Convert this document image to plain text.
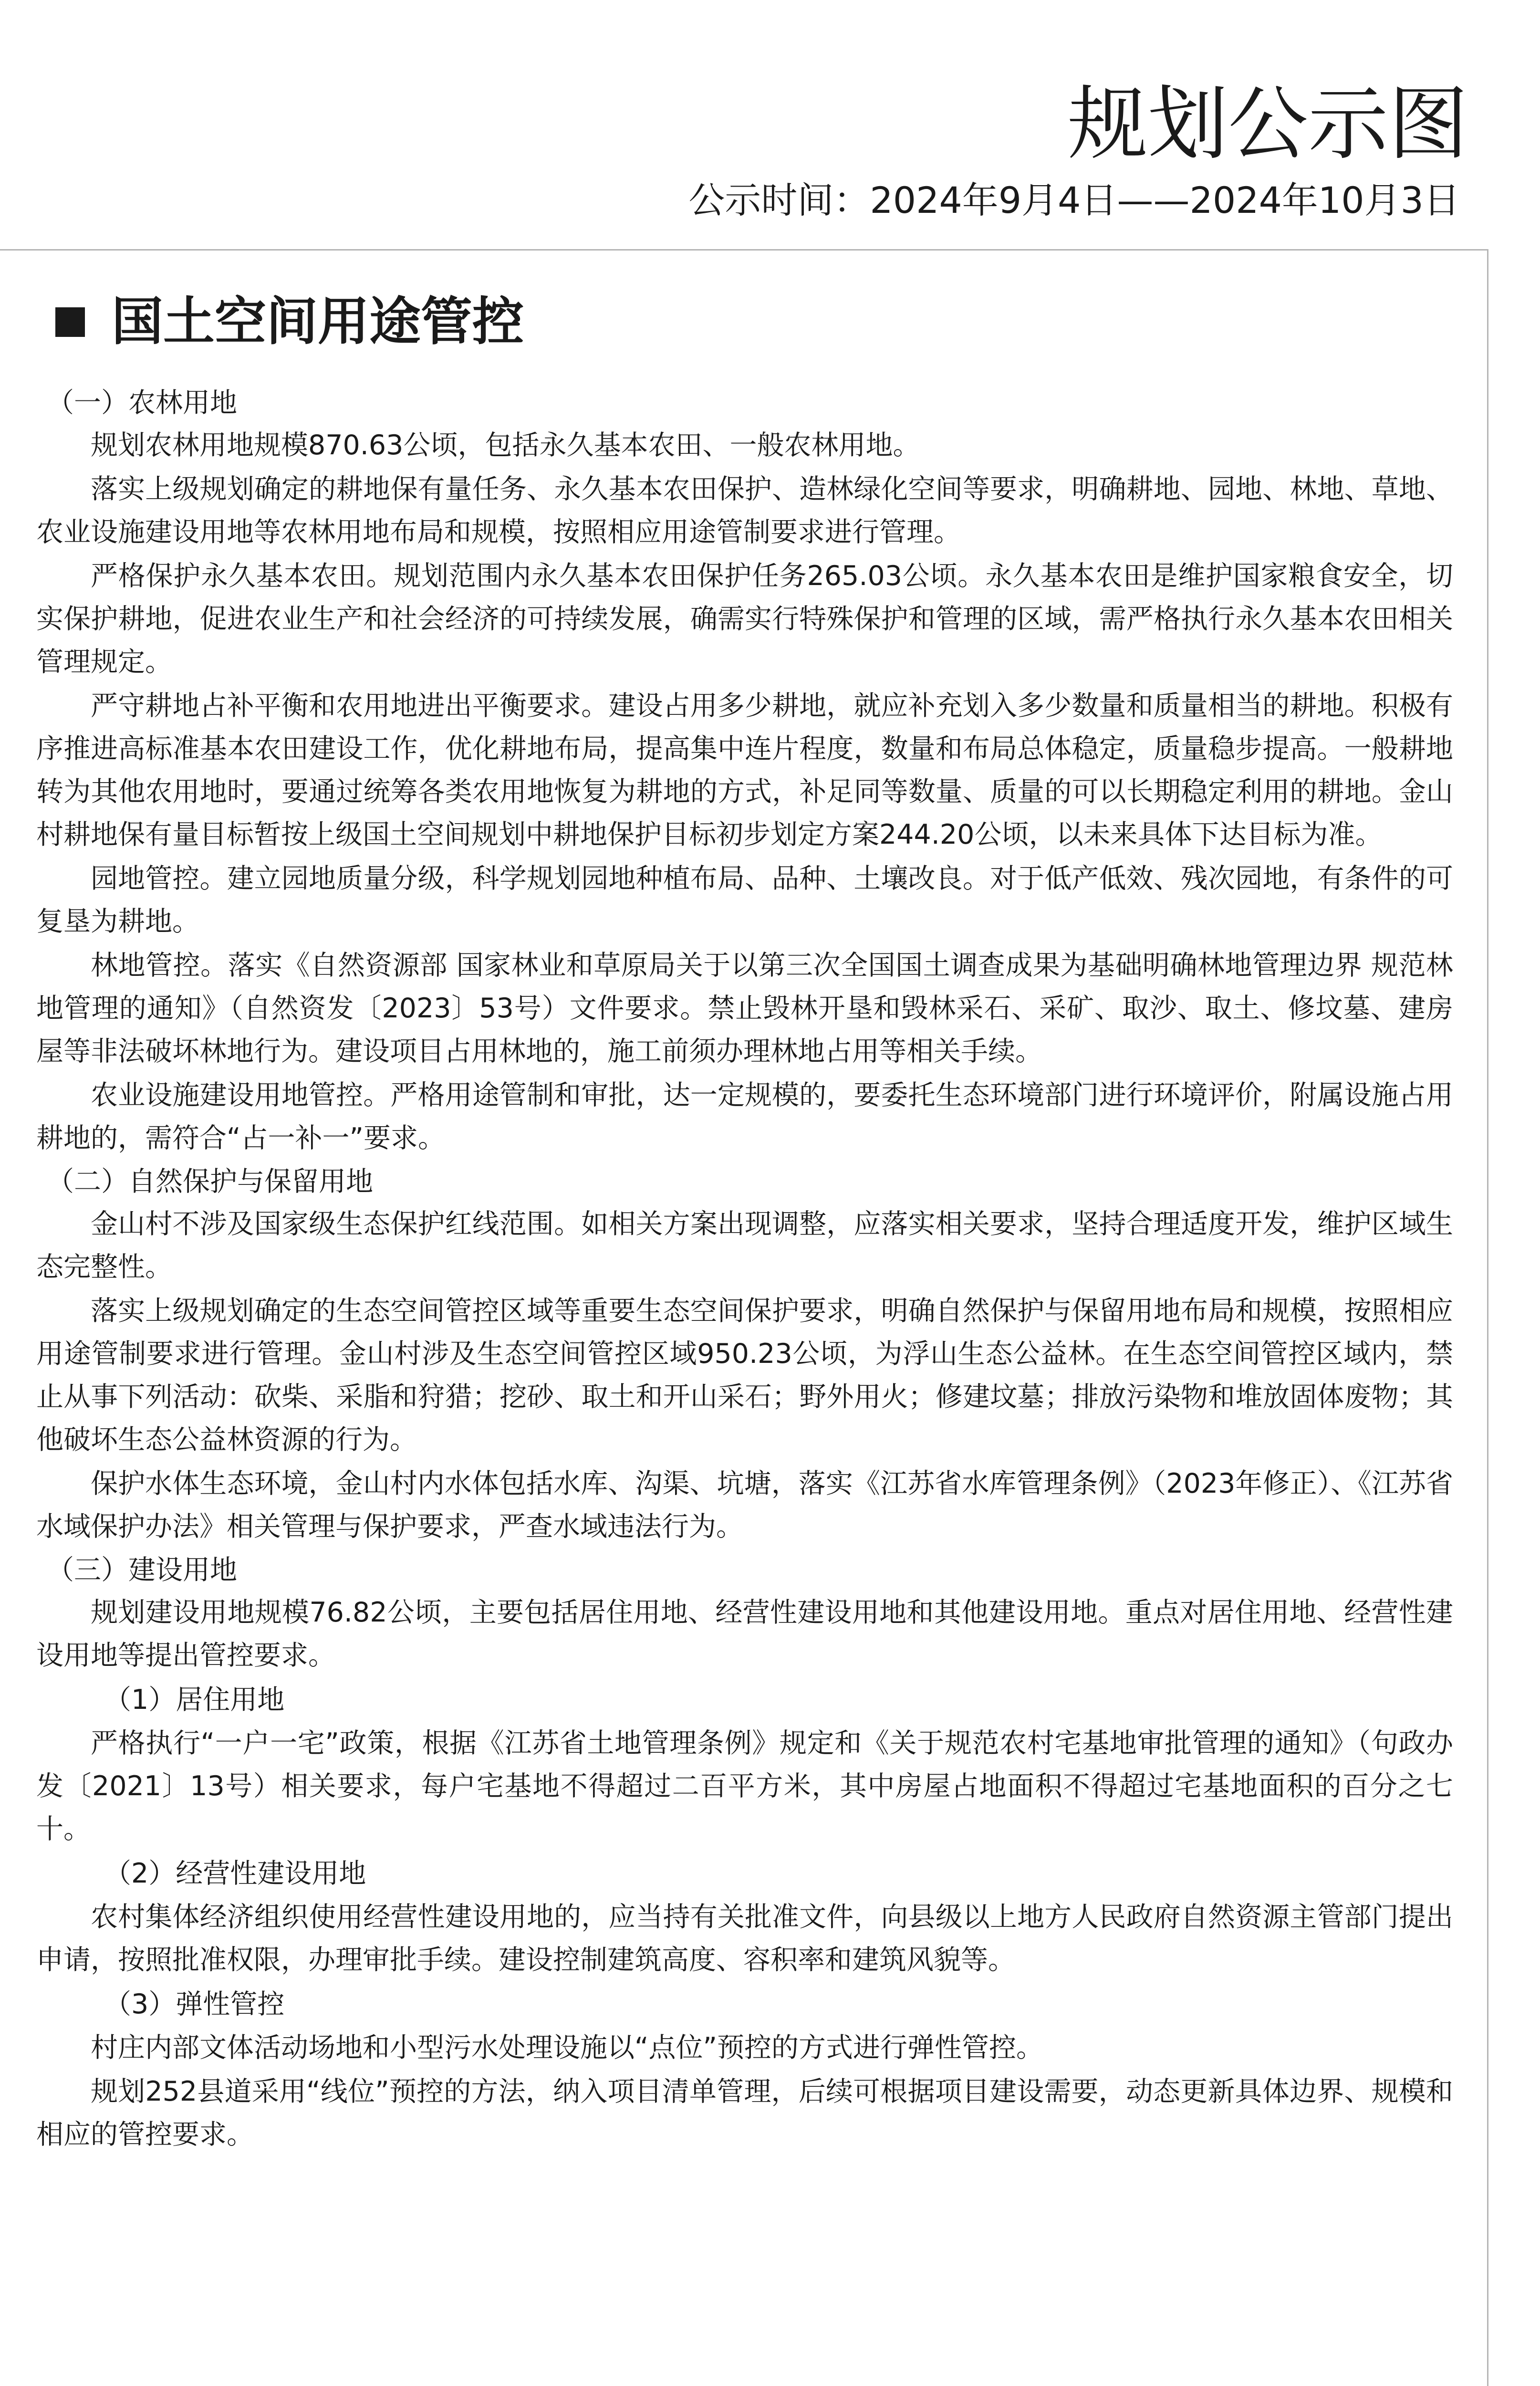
规划公示图
公示时间：2024年9月4日——2024年10月3日
国土空间用途管控

（一）农林用地

规划农林用地规模870.63公顷，包括永久基本农田、一般农林用地。

落实上级规划确定的耕地保有量任务、永久基本农田保护、造林绿化空间等要求，明确耕地、园地、林地、草地、农业设施建设用地等农林用地布局和规模，按照相应用途管制要求进行管理。

严格保护永久基本农田。规划范围内永久基本农田保护任务265.03公顷。永久基本农田是维护国家粮食安全，切实保护耕地，促进农业生产和社会经济的可持续发展，确需实行特殊保护和管理的区域，需严格执行永久基本农田相关管理规定。

严守耕地占补平衡和农用地进出平衡要求。建设占用多少耕地，就应补充划入多少数量和质量相当的耕地。积极有序推进高标准基本农田建设工作，优化耕地布局，提高集中连片程度，数量和布局总体稳定，质量稳步提高。一般耕地转为其他农用地时，要通过统筹各类农用地恢复为耕地的方式，补足同等数量、质量的可以长期稳定利用的耕地。金山村耕地保有量目标暂按上级国土空间规划中耕地保护目标初步划定方案244.20公顷，以未来具体下达目标为准。

园地管控。建立园地质量分级，科学规划园地种植布局、品种、土壤改良。对于低产低效、残次园地，有条件的可复垦为耕地。

林地管控。落实《自然资源部 国家林业和草原局关于以第三次全国国土调查成果为基础明确林地管理边界 规范林地管理的通知》（自然资发〔2023〕53号）文件要求。禁止毁林开垦和毁林采石、采矿、取沙、取土、修坟墓、建房屋等非法破坏林地行为。建设项目占用林地的，施工前须办理林地占用等相关手续。

农业设施建设用地管控。严格用途管制和审批，达一定规模的，要委托生态环境部门进行环境评价，附属设施占用耕地的，需符合“占一补一”要求。

（二）自然保护与保留用地

金山村不涉及国家级生态保护红线范围。如相关方案出现调整，应落实相关要求，坚持合理适度开发，维护区域生态完整性。

落实上级规划确定的生态空间管控区域等重要生态空间保护要求，明确自然保护与保留用地布局和规模，按照相应用途管制要求进行管理。金山村涉及生态空间管控区域950.23公顷，为浮山生态公益林。在生态空间管控区域内，禁止从事下列活动：砍柴、采脂和狩猎；挖砂、取土和开山采石；野外用火；修建坟墓；排放污染物和堆放固体废物；其他破坏生态公益林资源的行为。

保护水体生态环境，金山村内水体包括水库、沟渠、坑塘，落实《江苏省水库管理条例》（2023年修正）、《江苏省水域保护办法》相关管理与保护要求，严查水域违法行为。

（三）建设用地

规划建设用地规模76.82公顷，主要包括居住用地、经营性建设用地和其他建设用地。重点对居住用地、经营性建设用地等提出管控要求。

（1）居住用地

严格执行“一户一宅”政策，根据《江苏省土地管理条例》规定和《关于规范农村宅基地审批管理的通知》（句政办发〔2021〕13号）相关要求，每户宅基地不得超过二百平方米，其中房屋占地面积不得超过宅基地面积的百分之七十。

（2）经营性建设用地

农村集体经济组织使用经营性建设用地的，应当持有关批准文件，向县级以上地方人民政府自然资源主管部门提出申请，按照批准权限，办理审批手续。建设控制建筑高度、容积率和建筑风貌等。

（3）弹性管控

村庄内部文体活动场地和小型污水处理设施以“点位”预控的方式进行弹性管控。

规划252县道采用“线位”预控的方法，纳入项目清单管理，后续可根据项目建设需要，动态更新具体边界、规模和相应的管控要求。
